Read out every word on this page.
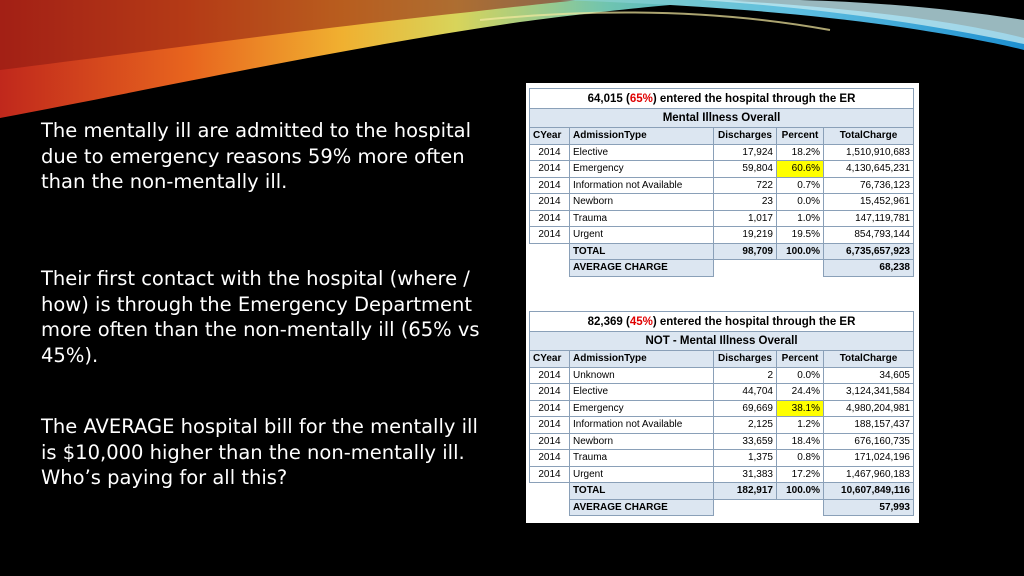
The mentally ill are admitted to the hospital due to emergency reasons 59% more often than the non-mentally ill.

Their first contact with the hospital (where / how) is through the Emergency Department more often than the non-mentally ill (65% vs 45%).

The AVERAGE hospital bill for the mentally ill is $10,000 higher than the non-mentally ill. Who’s paying for all this?

64,015 (65%) entered the hospital through the ER				
Mental Illness Overall				
CYear	AdmissionType	Discharges	Percent	TotalCharge
2014	Elective	17,924	18.2%	1,510,910,683
2014	Emergency	59,804	60.6%	4,130,645,231
2014	Information not Available	722	0.7%	76,736,123
2014	Newborn	23	0.0%	15,452,961
2014	Trauma	1,017	1.0%	147,119,781
2014	Urgent	19,219	19.5%	854,793,144
	TOTAL	98,709	100.0%	6,735,657,923
	AVERAGE CHARGE			68,238
82,369 (45%) entered the hospital through the ER				
NOT - Mental Illness Overall				
CYear	AdmissionType	Discharges	Percent	TotalCharge
2014	Unknown	2	0.0%	34,605
2014	Elective	44,704	24.4%	3,124,341,584
2014	Emergency	69,669	38.1%	4,980,204,981
2014	Information not Available	2,125	1.2%	188,157,437
2014	Newborn	33,659	18.4%	676,160,735
2014	Trauma	1,375	0.8%	171,024,196
2014	Urgent	31,383	17.2%	1,467,960,183
	TOTAL	182,917	100.0%	10,607,849,116
	AVERAGE CHARGE			57,993
